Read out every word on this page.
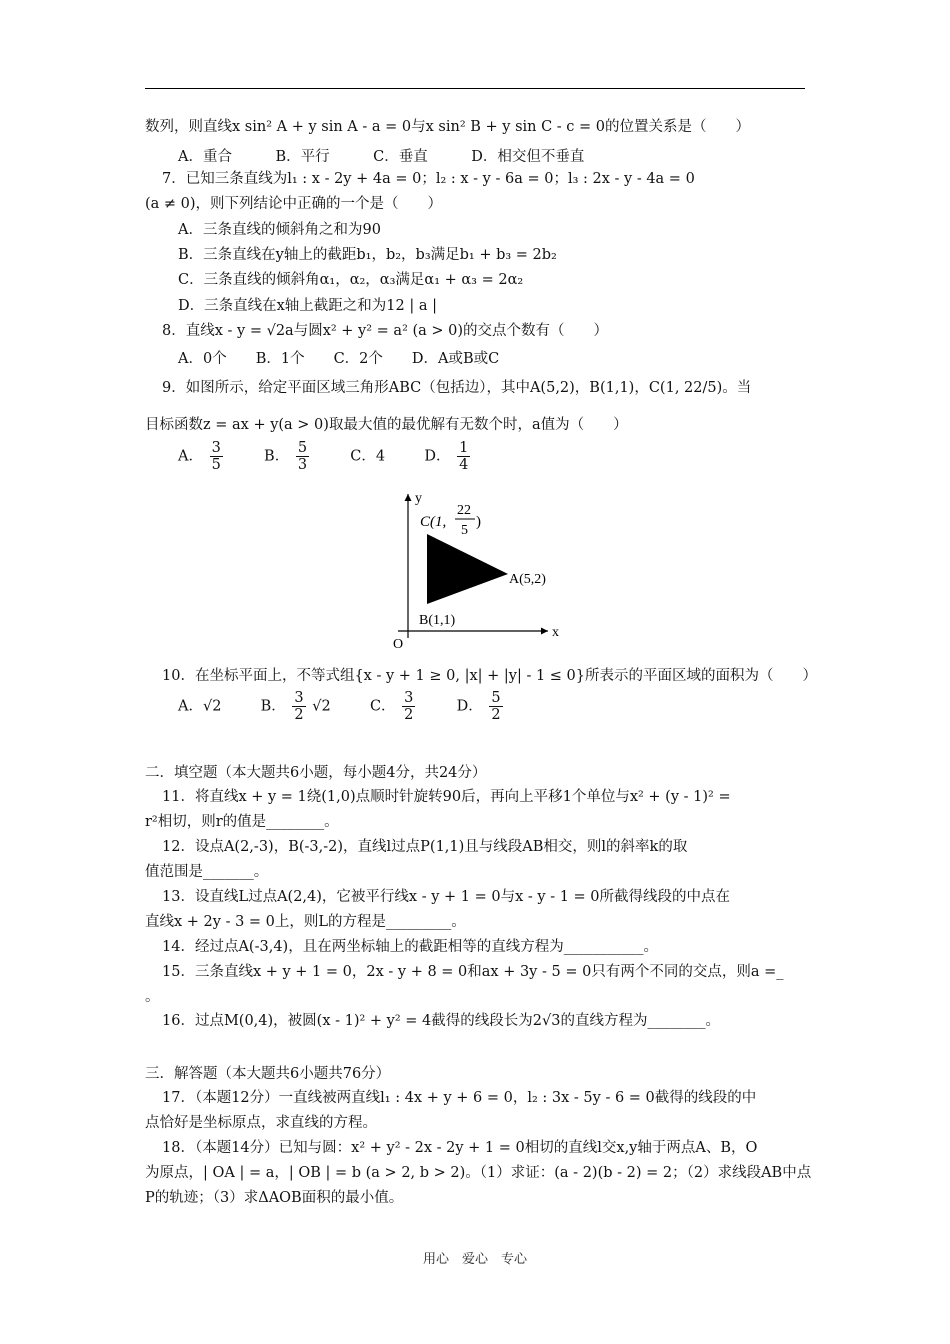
数列，则直线x sin² A + y sin A - a = 0与x sin² B + y sin C - c = 0的位置关系是（　　）
A．重合　　　B．平行　　　C．垂直　　　D．相交但不垂直
7．已知三条直线为l₁ : x - 2y + 4a = 0；l₂ : x - y - 6a = 0；l₃ : 2x - y - 4a = 0
(a ≠ 0)，则下列结论中正确的一个是（　　）
A．三条直线的倾斜角之和为90
B．三条直线在y轴上的截距b₁，b₂，b₃满足b₁ + b₃ = 2b₂
C．三条直线的倾斜角α₁，α₂，α₃满足α₁ + α₃ = 2α₂
D．三条直线在x轴上截距之和为12 | a |
8．直线x - y = √2a与圆x² + y² = a² (a > 0)的交点个数有（　　）
A．0个　　B．1个　　C．2个　　D．A或B或C
9．如图所示，给定平面区域三角形ABC（包括边），其中A(5,2)，B(1,1)，C(1, 22/5)。当
目标函数z = ax + y(a > 0)取最大值的最优解有无数个时，a值为（　　）
A． $\frac{3}{5}$	B． $\frac{5}{3}$	C．4	D． $\frac{1}{4}$
y
x
O
A(5,2)
B(1,1)
C(1,
22
5
)
10．在坐标平面上，不等式组{x - y + 1 ≥ 0, |x| + |y| - 1 ≤ 0}所表示的平面区域的面积为（　　）
A．√2	B． $\frac{3}{2} √2$	C． $\frac{3}{2}$	D． $\frac{5}{2}$
二．填空题（本大题共6小题，每小题4分，共24分）
11．将直线x + y = 1绕(1,0)点顺时针旋转90后，再向上平移1个单位与x² + (y - 1)² =
r²相切，则r的值是________。
12．设点A(2,-3)，B(-3,-2)，直线l过点P(1,1)且与线段AB相交，则l的斜率k的取
值范围是_______。
13．设直线L过点A(2,4)，它被平行线x - y + 1 = 0与x - y - 1 = 0所截得线段的中点在
直线x + 2y - 3 = 0上，则L的方程是_________。
14．经过点A(-3,4)，且在两坐标轴上的截距相等的直线方程为___________。
15．三条直线x + y + 1 = 0，2x - y + 8 = 0和ax + 3y - 5 = 0只有两个不同的交点，则a =_
。
16．过点M(0,4)，被圆(x - 1)² + y² = 4截得的线段长为2√3的直线方程为________。
三．解答题（本大题共6小题共76分）
17．（本题12分）一直线被两直线l₁ : 4x + y + 6 = 0，l₂ : 3x - 5y - 6 = 0截得的线段的中
点恰好是坐标原点，求直线的方程。
18．（本题14分）已知与圆：x² + y² - 2x - 2y + 1 = 0相切的直线l交x,y轴于两点A、B，O
为原点，| OA | = a，| OB | = b (a > 2, b > 2)。（1）求证：(a - 2)(b - 2) = 2；（2）求线段AB中点
P的轨迹；（3）求ΔAOB面积的最小值。
用心　爱心　专心
